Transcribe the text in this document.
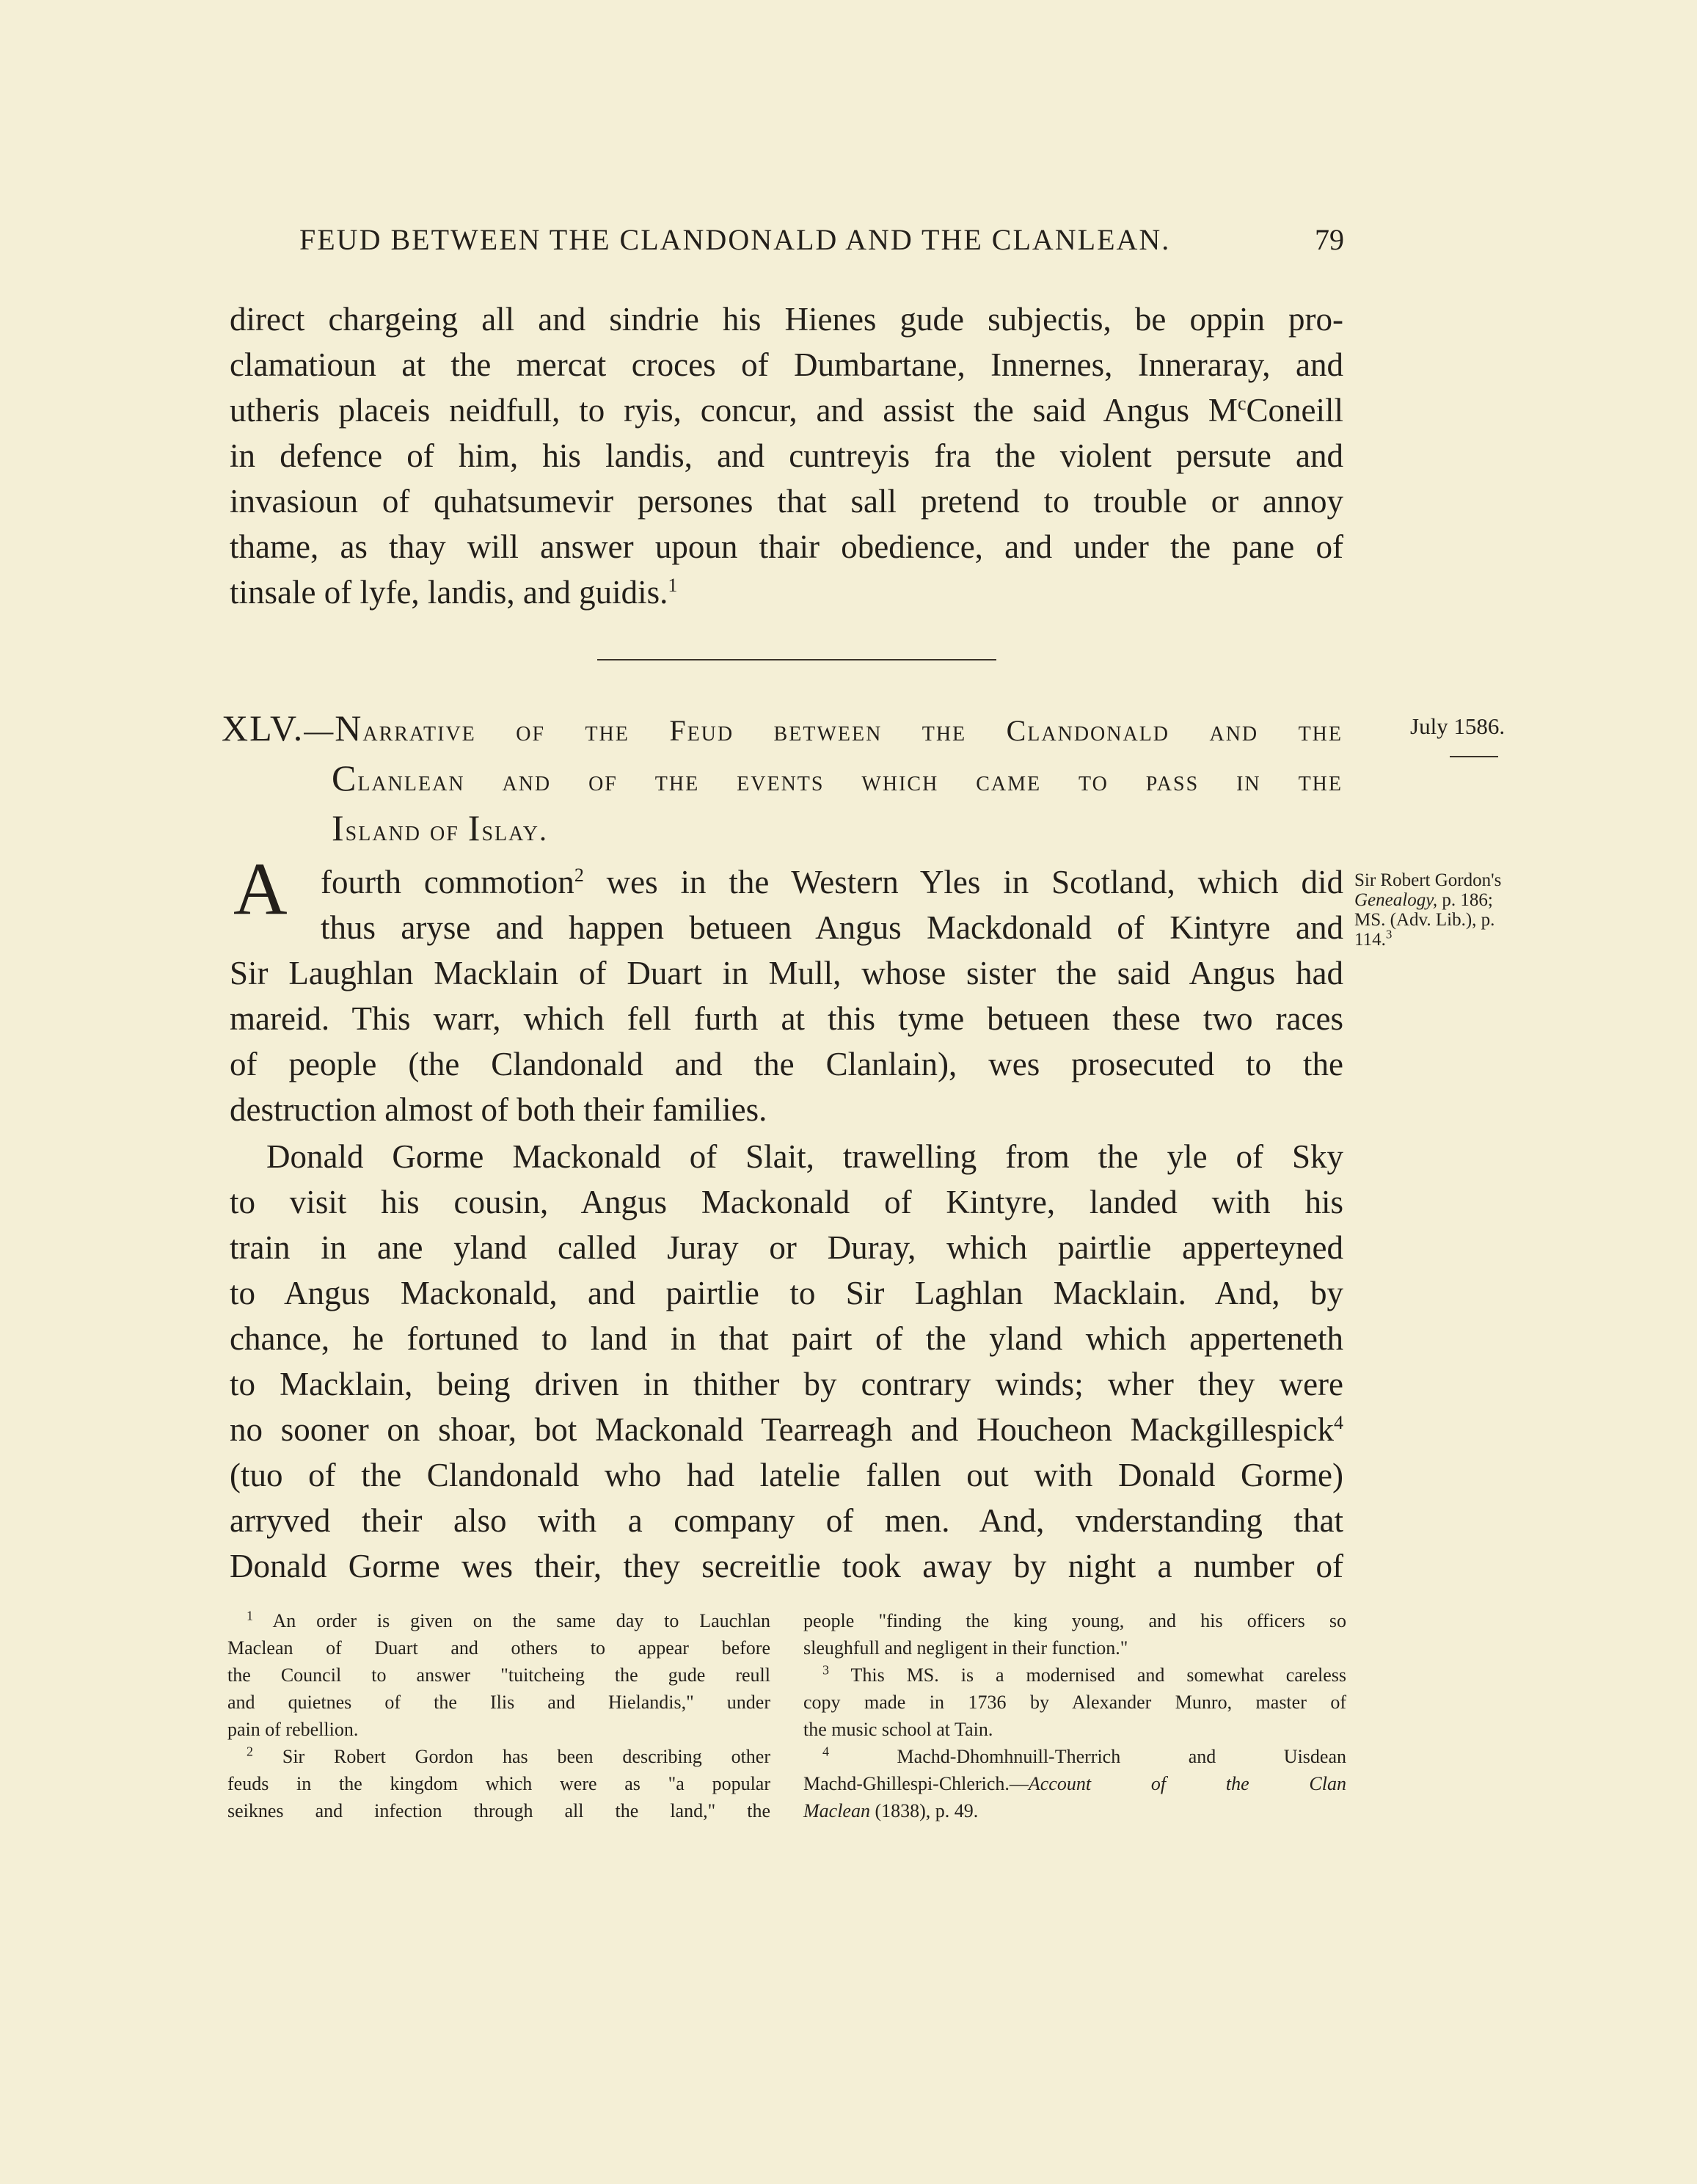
FEUD BETWEEN THE CLANDONALD AND THE CLANLEAN.	79

direct chargeing all and sindrie his Hienes gude subjectis, be oppin pro-
clamatioun at the mercat croces of Dumbartane, Innernes, Inneraray, and
utheris placeis neidfull, to ryis, concur, and assist the said Angus $M^cConeill$
in defence of him, his landis, and cuntreyis fra the violent persute and
invasioun of quhatsumevir persones that sall pretend to trouble or annoy
thame, as thay will answer upoun thair obedience, and under the pane of
tinsale of lyfe, landis, and guidis.$^1$

XLV.—Narrative of the Feud between the Clandonald and the
Clanlean and of the events which came to pass in the
Island of Islay.
July 1586.
Sir Robert Gordon's
Genealogy, p. 186;
MS. (Adv. Lib.), p.
114.$^3$
A	fourth commotion$^2$ wes in the Western Yles in Scotland, which did
thus aryse and happen betueen Angus Mackdonald of Kintyre and
Sir Laughlan Macklain of Duart in Mull, whose sister the said Angus had
mareid. This warr, which fell furth at this tyme betueen these two races
of people (the Clandonald and the Clanlain), wes prosecuted to the
destruction almost of both their families.

Donald Gorme Mackonald of Slait, trawelling from the yle of Sky
to visit his cousin, Angus Mackonald of Kintyre, landed with his
train in ane yland called Juray or Duray, which pairtlie apperteyned
to Angus Mackonald, and pairtlie to Sir Laghlan Macklain. And, by
chance, he fortuned to land in that pairt of the yland which apperteneth
to Macklain, being driven in thither by contrary winds; wher they were
no sooner on shoar, bot Mackonald Tearreagh and Houcheon Mackgillespick$^4$
(tuo of the Clandonald who had latelie fallen out with Donald Gorme)
arryved their also with a company of men. And, vnderstanding that
Donald Gorme wes their, they secreitlie took away by night a number of

$^1$ An order is given on the same day to Lauchlan
Maclean of Duart and others to appear before
the Council to answer "tuitcheing the gude reull
and quietnes of the Ilis and Hielandis," under
pain of rebellion.

$^2$ Sir Robert Gordon has been describing other
feuds in the kingdom which were as "a popular
seiknes and infection through all the land," the

people "finding the king young, and his officers so
sleughfull and negligent in their function."

$^3$ This MS. is a modernised and somewhat careless
copy made in 1736 by Alexander Munro, master of
the music school at Tain.

$^4$	Machd-Dhomhnuill-Therrich and Uisdean
Machd-Ghillespi-Chlerich.—Account of the Clan
Maclean (1838), p. 49.
